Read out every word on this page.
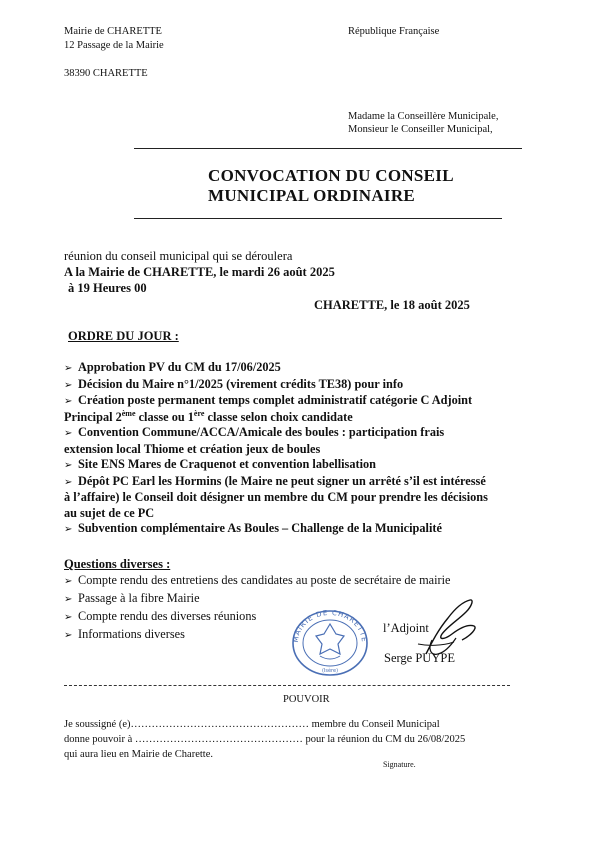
Mairie de CHARETTE
12 Passage de la Mairie
38390 CHARETTE
République Française
Madame la Conseillère Municipale,
Monsieur le Conseiller Municipal,
CONVOCATION DU CONSEIL
MUNICIPAL ORDINAIRE
réunion du conseil municipal qui se déroulera
A la Mairie de CHARETTE, le mardi 26 août 2025
à 19 Heures 00
CHARETTE, le 18 août 2025
ORDRE DU JOUR :
➢ Approbation PV du CM du 17/06/2025
➢ Décision du Maire n°1/2025 (virement crédits TE38) pour info
➢ Création poste permanent temps complet administratif catégorie C Adjoint
Principal 2ème classe ou 1ère classe selon choix candidate
➢ Convention Commune/ACCA/Amicale des boules : participation frais
extension local Thiome et création jeux de boules
➢ Site ENS Mares de Craquenot et convention labellisation
➢ Dépôt PC Earl les Hormins (le Maire ne peut signer un arrêté s’il est intéressé
à l’affaire) le Conseil doit désigner un membre du CM pour prendre les décisions
au sujet de ce PC
➢ Subvention complémentaire As Boules – Challenge de la Municipalité
Questions diverses :
➢ Compte rendu des entretiens des candidates au poste de secrétaire de mairie
➢ Passage à la fibre Mairie
➢ Compte rendu des diverses réunions
➢ Informations diverses	MAIRIE DE CHARETTE
(Isère)
l’Adjoint
Serge PUYPE
POUVOIR
Je soussigné (e)…………………………………………… membre du Conseil Municipal
donne pouvoir à ………………………………………… pour la réunion du CM du 26/08/2025
qui aura lieu en Mairie de Charette.
Signature.
